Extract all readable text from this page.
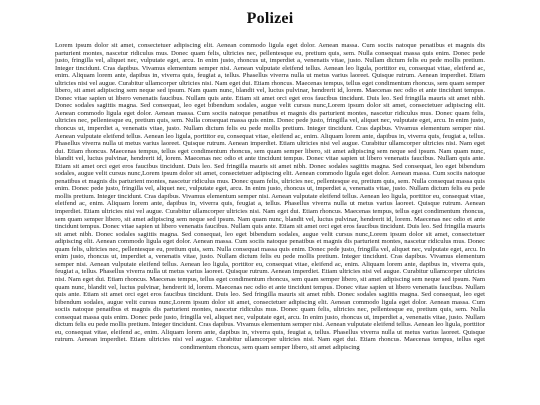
Polizei

Lorem ipsum dolor sit amet, consectetuer adipiscing elit. Aenean commodo ligula eget dolor. Aenean massa. Cum sociis natoque penatibus et magnis dis parturient montes, nascetur ridiculus mus. Donec quam felis, ultricies nec, pellentesque eu, pretium quis, sem. Nulla consequat massa quis enim. Donec pede justo, fringilla vel, aliquet nec, vulputate eget, arcu. In enim justo, rhoncus ut, imperdiet a, venenatis vitae, justo. Nullam dictum felis eu pede mollis pretium. Integer tincidunt. Cras dapibus. Vivamus elementum semper nisi. Aenean vulputate eleifend tellus. Aenean leo ligula, porttitor eu, consequat vitae, eleifend ac, enim. Aliquam lorem ante, dapibus in, viverra quis, feugiat a, tellus. Phasellus viverra nulla ut metus varius laoreet. Quisque rutrum. Aenean imperdiet. Etiam ultricies nisi vel augue. Curabitur ullamcorper ultricies nisi. Nam eget dui. Etiam rhoncus. Maecenas tempus, tellus eget condimentum rhoncus, sem quam semper libero, sit amet adipiscing sem neque sed ipsum. Nam quam nunc, blandit vel, luctus pulvinar, hendrerit id, lorem. Maecenas nec odio et ante tincidunt tempus. Donec vitae sapien ut libero venenatis faucibus. Nullam quis ante. Etiam sit amet orci eget eros faucibus tincidunt. Duis leo. Sed fringilla mauris sit amet nibh. Donec sodales sagittis magna. Sed consequat, leo eget bibendum sodales, augue velit cursus nunc,Lorem ipsum dolor sit amet, consectetuer adipiscing elit. Aenean commodo ligula eget dolor. Aenean massa. Cum sociis natoque penatibus et magnis dis parturient montes, nascetur ridiculus mus. Donec quam felis, ultricies nec, pellentesque eu, pretium quis, sem. Nulla consequat massa quis enim. Donec pede justo, fringilla vel, aliquet nec, vulputate eget, arcu. In enim justo, rhoncus ut, imperdiet a, venenatis vitae, justo. Nullam dictum felis eu pede mollis pretium. Integer tincidunt. Cras dapibus. Vivamus elementum semper nisi. Aenean vulputate eleifend tellus. Aenean leo ligula, porttitor eu, consequat vitae, eleifend ac, enim. Aliquam lorem ante, dapibus in, viverra quis, feugiat a, tellus. Phasellus viverra nulla ut metus varius laoreet. Quisque rutrum. Aenean imperdiet. Etiam ultricies nisi vel augue. Curabitur ullamcorper ultricies nisi. Nam eget dui. Etiam rhoncus. Maecenas tempus, tellus eget condimentum rhoncus, sem quam semper libero, sit amet adipiscing sem neque sed ipsum. Nam quam nunc, blandit vel, luctus pulvinar, hendrerit id, lorem. Maecenas nec odio et ante tincidunt tempus. Donec vitae sapien ut libero venenatis faucibus. Nullam quis ante. Etiam sit amet orci eget eros faucibus tincidunt. Duis leo. Sed fringilla mauris sit amet nibh. Donec sodales sagittis magna. Sed consequat, leo eget bibendum sodales, augue velit cursus nunc,Lorem ipsum dolor sit amet, consectetuer adipiscing elit. Aenean commodo ligula eget dolor. Aenean massa. Cum sociis natoque penatibus et magnis dis parturient montes, nascetur ridiculus mus. Donec quam felis, ultricies nec, pellentesque eu, pretium quis, sem. Nulla consequat massa quis enim. Donec pede justo, fringilla vel, aliquet nec, vulputate eget, arcu. In enim justo, rhoncus ut, imperdiet a, venenatis vitae, justo. Nullam dictum felis eu pede mollis pretium. Integer tincidunt. Cras dapibus. Vivamus elementum semper nisi. Aenean vulputate eleifend tellus. Aenean leo ligula, porttitor eu, consequat vitae, eleifend ac, enim. Aliquam lorem ante, dapibus in, viverra quis, feugiat a, tellus. Phasellus viverra nulla ut metus varius laoreet. Quisque rutrum. Aenean imperdiet. Etiam ultricies nisi vel augue. Curabitur ullamcorper ultricies nisi. Nam eget dui. Etiam rhoncus. Maecenas tempus, tellus eget condimentum rhoncus, sem quam semper libero, sit amet adipiscing sem neque sed ipsum. Nam quam nunc, blandit vel, luctus pulvinar, hendrerit id, lorem. Maecenas nec odio et ante tincidunt tempus. Donec vitae sapien ut libero venenatis faucibus. Nullam quis ante. Etiam sit amet orci eget eros faucibus tincidunt. Duis leo. Sed fringilla mauris sit amet nibh. Donec sodales sagittis magna. Sed consequat, leo eget bibendum sodales, augue velit cursus nunc,Lorem ipsum dolor sit amet, consectetuer adipiscing elit. Aenean commodo ligula eget dolor. Aenean massa. Cum sociis natoque penatibus et magnis dis parturient montes, nascetur ridiculus mus. Donec quam felis, ultricies nec, pellentesque eu, pretium quis, sem. Nulla consequat massa quis enim. Donec pede justo, fringilla vel, aliquet nec, vulputate eget, arcu. In enim justo, rhoncus ut, imperdiet a, venenatis vitae, justo. Nullam dictum felis eu pede mollis pretium. Integer tincidunt. Cras dapibus. Vivamus elementum semper nisi. Aenean vulputate eleifend tellus. Aenean leo ligula, porttitor eu, consequat vitae, eleifend ac, enim. Aliquam lorem ante, dapibus in, viverra quis, feugiat a, tellus. Phasellus viverra nulla ut metus varius laoreet. Quisque rutrum. Aenean imperdiet. Etiam ultricies nisi vel augue. Curabitur ullamcorper ultricies nisi. Nam eget dui. Etiam rhoncus. Maecenas tempus, tellus eget condimentum rhoncus, sem quam semper libero, sit amet adipiscing sem neque sed ipsum. Nam quam nunc, blandit vel, luctus pulvinar, hendrerit id, lorem. Maecenas nec odio et ante tincidunt tempus. Donec vitae sapien ut libero venenatis faucibus. Nullam quis ante. Etiam sit amet orci eget eros faucibus tincidunt. Duis leo. Sed fringilla mauris sit amet nibh. Donec sodales sagittis magna. Sed consequat, leo eget bibendum sodales, augue velit cursus nunc,Lorem ipsum dolor sit amet, consectetuer adipiscing elit. Aenean commodo ligula eget dolor. Aenean massa. Cum sociis natoque penatibus et magnis dis parturient montes, nascetur ridiculus mus. Donec quam felis, ultricies nec, pellentesque eu, pretium quis, sem. Nulla consequat massa quis enim. Donec pede justo, fringilla vel, aliquet nec, vulputate eget, arcu. In enim justo, rhoncus ut, imperdiet a, venenatis vitae, justo. Nullam dictum felis eu pede mollis pretium. Integer tincidunt. Cras dapibus. Vivamus elementum semper nisi. Aenean vulputate eleifend tellus. Aenean leo ligula, porttitor eu, consequat vitae, eleifend ac, enim. Aliquam lorem ante, dapibus in, viverra quis, feugiat a, tellus. Phasellus viverra nulla ut metus varius laoreet. Quisque rutrum. Aenean imperdiet. Etiam ultricies nisi vel augue. Curabitur ullamcorper ultricies nisi. Nam eget dui. Etiam rhoncus. Maecenas tempus, tellus eget condimentum rhoncus, sem quam semper libero, sit amet adipiscing
